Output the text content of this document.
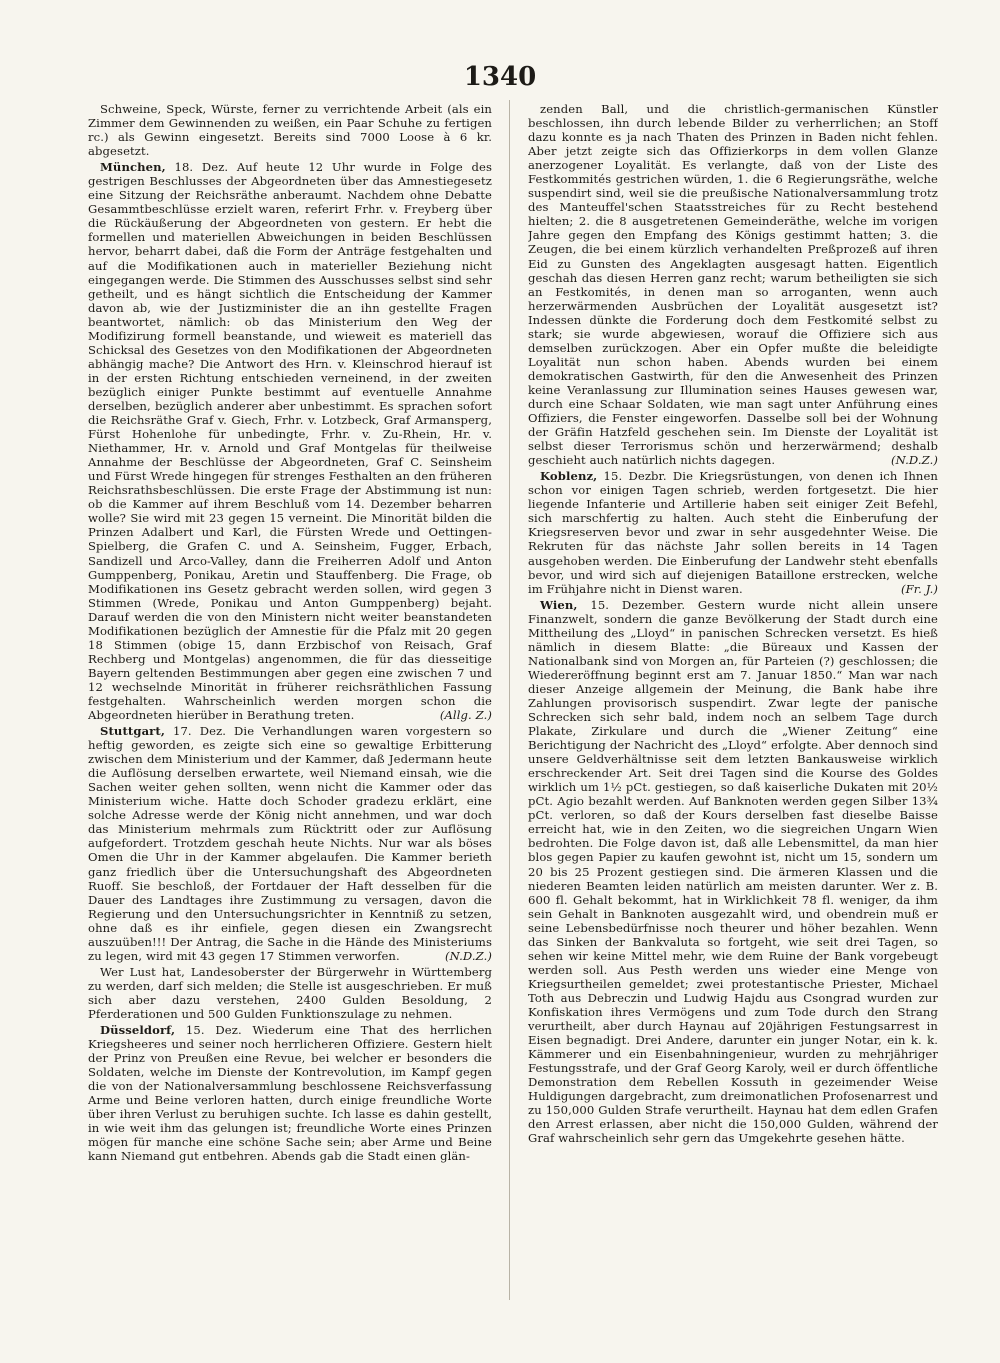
1340

Schweine, Speck, Würste, ferner zu verrichtende Arbeit (als ein Zimmer dem Gewinnenden zu weißen, ein Paar Schuhe zu fertigen rc.) als Gewinn eingesetzt. Bereits sind 7000 Loose à 6 kr. abgesetzt.

München, 18. Dez. Auf heute 12 Uhr wurde in Folge des gestrigen Beschlusses der Abgeordneten über das Amnestiegesetz eine Sitzung der Reichsräthe anberaumt. Nachdem ohne Debatte Gesammtbeschlüsse erzielt waren, referirt Frhr. v. Freyberg über die Rückäußerung der Abgeordneten von gestern. Er hebt die formellen und materiellen Abweichungen in beiden Beschlüssen hervor, beharrt dabei, daß die Form der Anträge festgehalten und auf die Modifikationen auch in materieller Beziehung nicht eingegangen werde. Die Stimmen des Ausschusses selbst sind sehr getheilt, und es hängt sichtlich die Entscheidung der Kammer davon ab, wie der Justizminister die an ihn gestellte Fragen beantwortet, nämlich: ob das Ministerium den Weg der Modifizirung formell beanstande, und wieweit es materiell das Schicksal des Gesetzes von den Modifikationen der Abgeordneten abhängig mache? Die Antwort des Hrn. v. Kleinschrod hierauf ist in der ersten Richtung entschieden verneinend, in der zweiten bezüglich einiger Punkte bestimmt auf eventuelle Annahme derselben, bezüglich anderer aber unbestimmt. Es sprachen sofort die Reichsräthe Graf v. Giech, Frhr. v. Lotzbeck, Graf Armansperg, Fürst Hohenlohe für unbedingte, Frhr. v. Zu-Rhein, Hr. v. Niethammer, Hr. v. Arnold und Graf Montgelas für theilweise Annahme der Beschlüsse der Abgeordneten, Graf C. Seinsheim und Fürst Wrede hingegen für strenges Festhalten an den früheren Reichsrathsbeschlüssen. Die erste Frage der Abstimmung ist nun: ob die Kammer auf ihrem Beschluß vom 14. Dezember beharren wolle? Sie wird mit 23 gegen 15 verneint. Die Minorität bilden die Prinzen Adalbert und Karl, die Fürsten Wrede und Oettingen-Spielberg, die Grafen C. und A. Seinsheim, Fugger, Erbach, Sandizell und Arco-Valley, dann die Freiherren Adolf und Anton Gumppenberg, Ponikau, Aretin und Stauffenberg. Die Frage, ob Modifikationen ins Gesetz gebracht werden sollen, wird gegen 3 Stimmen (Wrede, Ponikau und Anton Gumppenberg) bejaht. Darauf werden die von den Ministern nicht weiter beanstandeten Modifikationen bezüglich der Amnestie für die Pfalz mit 20 gegen 18 Stimmen (obige 15, dann Erzbischof von Reisach, Graf Rechberg und Montgelas) angenommen, die für das diesseitige Bayern geltenden Bestimmungen aber gegen eine zwischen 7 und 12 wechselnde Minorität in früherer reichsräthlichen Fassung festgehalten. Wahrscheinlich werden morgen schon die Abgeordneten hierüber in Berathung treten.	(Allg. Z.)

Stuttgart, 17. Dez. Die Verhandlungen waren vorgestern so heftig geworden, es zeigte sich eine so gewaltige Erbitterung zwischen dem Ministerium und der Kammer, daß Jedermann heute die Auflösung derselben erwartete, weil Niemand einsah, wie die Sachen weiter gehen sollten, wenn nicht die Kammer oder das Ministerium wiche. Hatte doch Schoder gradezu erklärt, eine solche Adresse werde der König nicht annehmen, und war doch das Ministerium mehrmals zum Rücktritt oder zur Auflösung aufgefordert. Trotzdem geschah heute Nichts. Nur war als böses Omen die Uhr in der Kammer abgelaufen. Die Kammer berieth ganz friedlich über die Untersuchungshaft des Abgeordneten Ruoff. Sie beschloß, der Fortdauer der Haft desselben für die Dauer des Landtages ihre Zustimmung zu versagen, davon die Regierung und den Untersuchungsrichter in Kenntniß zu setzen, ohne daß es ihr einfiele, gegen diesen ein Zwangsrecht auszuüben!!! Der Antrag, die Sache in die Hände des Ministeriums zu legen, wird mit 43 gegen 17 Stimmen verworfen.	(N.D.Z.)

Wer Lust hat, Landesoberster der Bürgerwehr in Württemberg zu werden, darf sich melden; die Stelle ist ausgeschrieben. Er muß sich aber dazu verstehen, 2400 Gulden Besoldung, 2 Pferderationen und 500 Gulden Funktionszulage zu nehmen.

Düsseldorf, 15. Dez. Wiederum eine That des herrlichen Kriegsheeres und seiner noch herrlicheren Offiziere. Gestern hielt der Prinz von Preußen eine Revue, bei welcher er besonders die Soldaten, welche im Dienste der Kontrevolution, im Kampf gegen die von der Nationalversammlung beschlossene Reichsverfassung Arme und Beine verloren hatten, durch einige freundliche Worte über ihren Verlust zu beruhigen suchte. Ich lasse es dahin gestellt, in wie weit ihm das gelungen ist; freundliche Worte eines Prinzen mögen für manche eine schöne Sache sein; aber Arme und Beine kann Niemand gut entbehren. Abends gab die Stadt einen glän-

zenden Ball, und die christlich-germanischen Künstler beschlossen, ihn durch lebende Bilder zu verherrlichen; an Stoff dazu konnte es ja nach Thaten des Prinzen in Baden nicht fehlen. Aber jetzt zeigte sich das Offizierkorps in dem vollen Glanze anerzogener Loyalität. Es verlangte, daß von der Liste des Festkommités gestrichen würden, 1. die 6 Regierungsräthe, welche suspendirt sind, weil sie die preußische Nationalversammlung trotz des Manteuffel'schen Staatsstreiches für zu Recht bestehend hielten; 2. die 8 ausgetretenen Gemeinderäthe, welche im vorigen Jahre gegen den Empfang des Königs gestimmt hatten; 3. die Zeugen, die bei einem kürzlich verhandelten Preßprozeß auf ihren Eid zu Gunsten des Angeklagten ausgesagt hatten. Eigentlich geschah das diesen Herren ganz recht; warum betheiligten sie sich an Festkomités, in denen man so arroganten, wenn auch herzerwärmenden Ausbrüchen der Loyalität ausgesetzt ist? Indessen dünkte die Forderung doch dem Festkomité selbst zu stark; sie wurde abgewiesen, worauf die Offiziere sich aus demselben zurückzogen. Aber ein Opfer mußte die beleidigte Loyalität nun schon haben. Abends wurden bei einem demokratischen Gastwirth, für den die Anwesenheit des Prinzen keine Veranlassung zur Illumination seines Hauses gewesen war, durch eine Schaar Soldaten, wie man sagt unter Anführung eines Offiziers, die Fenster eingeworfen. Dasselbe soll bei der Wohnung der Gräfin Hatzfeld geschehen sein. Im Dienste der Loyalität ist selbst dieser Terrorismus schön und herzerwärmend; deshalb geschieht auch natürlich nichts dagegen.	(N.D.Z.)

Koblenz, 15. Dezbr. Die Kriegsrüstungen, von denen ich Ihnen schon vor einigen Tagen schrieb, werden fortgesetzt. Die hier liegende Infanterie und Artillerie haben seit einiger Zeit Befehl, sich marschfertig zu halten. Auch steht die Einberufung der Kriegsreserven bevor und zwar in sehr ausgedehnter Weise. Die Rekruten für das nächste Jahr sollen bereits in 14 Tagen ausgehoben werden. Die Einberufung der Landwehr steht ebenfalls bevor, und wird sich auf diejenigen Bataillone erstrecken, welche im Frühjahre nicht in Dienst waren.	(Fr. J.)

Wien, 15. Dezember. Gestern wurde nicht allein unsere Finanzwelt, sondern die ganze Bevölkerung der Stadt durch eine Mittheilung des „Lloyd“ in panischen Schrecken versetzt. Es hieß nämlich in diesem Blatte: „die Büreaux und Kassen der Nationalbank sind von Morgen an, für Parteien (?) geschlossen; die Wiedereröffnung beginnt erst am 7. Januar 1850.“ Man war nach dieser Anzeige allgemein der Meinung, die Bank habe ihre Zahlungen provisorisch suspendirt. Zwar legte der panische Schrecken sich sehr bald, indem noch an selbem Tage durch Plakate, Zirkulare und durch die „Wiener Zeitung“ eine Berichtigung der Nachricht des „Lloyd“ erfolgte. Aber dennoch sind unsere Geldverhältnisse seit dem letzten Bankausweise wirklich erschreckender Art. Seit drei Tagen sind die Kourse des Goldes wirklich um 1½ pCt. gestiegen, so daß kaiserliche Dukaten mit 20½ pCt. Agio bezahlt werden. Auf Banknoten werden gegen Silber 13¾ pCt. verloren, so daß der Kours derselben fast dieselbe Baisse erreicht hat, wie in den Zeiten, wo die siegreichen Ungarn Wien bedrohten. Die Folge davon ist, daß alle Lebensmittel, da man hier blos gegen Papier zu kaufen gewohnt ist, nicht um 15, sondern um 20 bis 25 Prozent gestiegen sind. Die ärmeren Klassen und die niederen Beamten leiden natürlich am meisten darunter. Wer z. B. 600 fl. Gehalt bekommt, hat in Wirklichkeit 78 fl. weniger, da ihm sein Gehalt in Banknoten ausgezahlt wird, und obendrein muß er seine Lebensbedürfnisse noch theurer und höher bezahlen. Wenn das Sinken der Bankvaluta so fortgeht, wie seit drei Tagen, so sehen wir keine Mittel mehr, wie dem Ruine der Bank vorgebeugt werden soll. Aus Pesth werden uns wieder eine Menge von Kriegsurtheilen gemeldet; zwei protestantische Priester, Michael Toth aus Debreczin und Ludwig Hajdu aus Csongrad wurden zur Konfiskation ihres Vermögens und zum Tode durch den Strang verurtheilt, aber durch Haynau auf 20jährigen Festungsarrest in Eisen begnadigt. Drei Andere, darunter ein junger Notar, ein k. k. Kämmerer und ein Eisenbahningenieur, wurden zu mehrjähriger Festungsstrafe, und der Graf Georg Karoly, weil er durch öffentliche Demonstration dem Rebellen Kossuth in gezeimender Weise Huldigungen dargebracht, zum dreimonatlichen Profosenarrest und zu 150,000 Gulden Strafe verurtheilt. Haynau hat dem edlen Grafen den Arrest erlassen, aber nicht die 150,000 Gulden, während der Graf wahrscheinlich sehr gern das Umgekehrte gesehen hätte.
